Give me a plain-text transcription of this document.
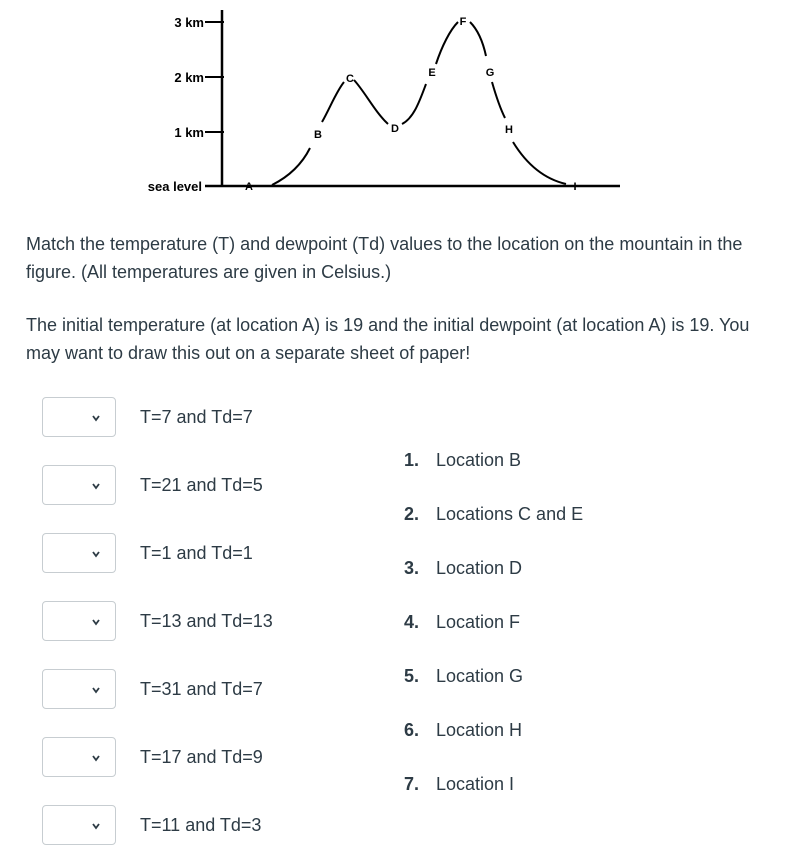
3 km
2 km
1 km
sea level	A
B
C
D
E
F
G
H
I

Match the temperature (T) and dewpoint (Td) values to the location on the mountain in the figure. (All temperatures are given in Celsius.)

The initial temperature (at location A) is 19 and the initial dewpoint (at location A) is 19. You may want to draw this out on a separate sheet of paper!

T=7 and Td=7
T=21 and Td=5
T=1 and Td=1
T=13 and Td=13
T=31 and Td=7
T=17 and Td=9
T=11 and Td=3
1. Location B
2. Locations C and E
3. Location D
4. Location F
5. Location G
6. Location H
7. Location I
